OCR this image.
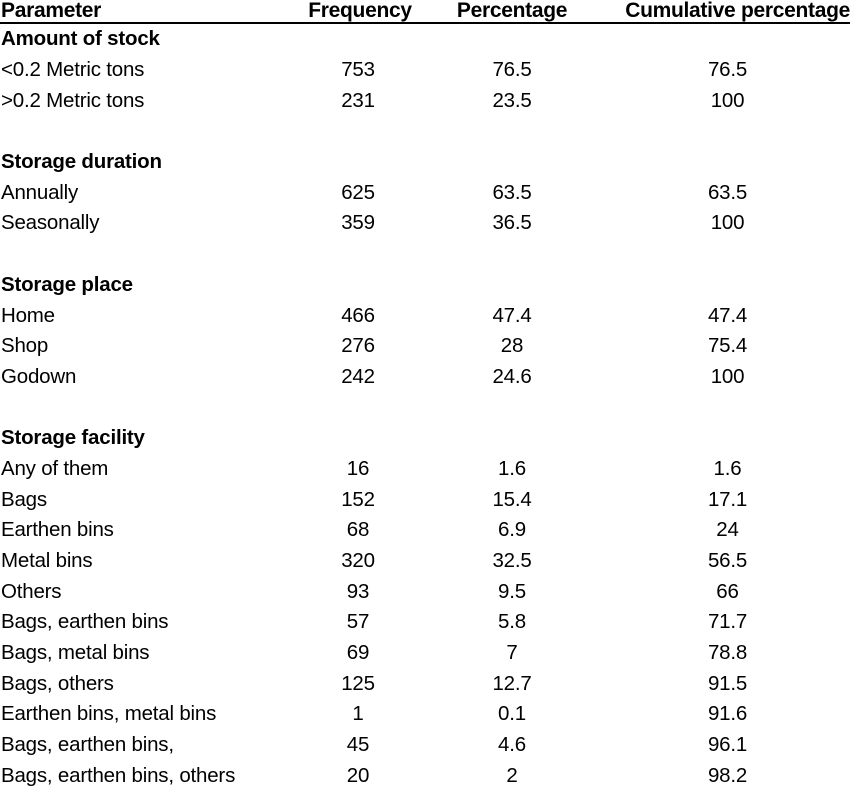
Parameter	Frequency	Percentage	Cumulative percentage
Amount of stock
<0.2 Metric tons	753	76.5	76.5
>0.2 Metric tons	231	23.5	100
Storage duration
Annually	625	63.5	63.5
Seasonally	359	36.5	100
Storage place
Home	466	47.4	47.4
Shop	276	28	75.4
Godown	242	24.6	100
Storage facility
Any of them	16	1.6	1.6
Bags	152	15.4	17.1
Earthen bins	68	6.9	24
Metal bins	320	32.5	56.5
Others	93	9.5	66
Bags, earthen bins	57	5.8	71.7
Bags, metal bins	69	7	78.8
Bags, others	125	12.7	91.5
Earthen bins, metal bins	1	0.1	91.6
Bags, earthen bins,	45	4.6	96.1
Bags, earthen bins, others	20	2	98.2
